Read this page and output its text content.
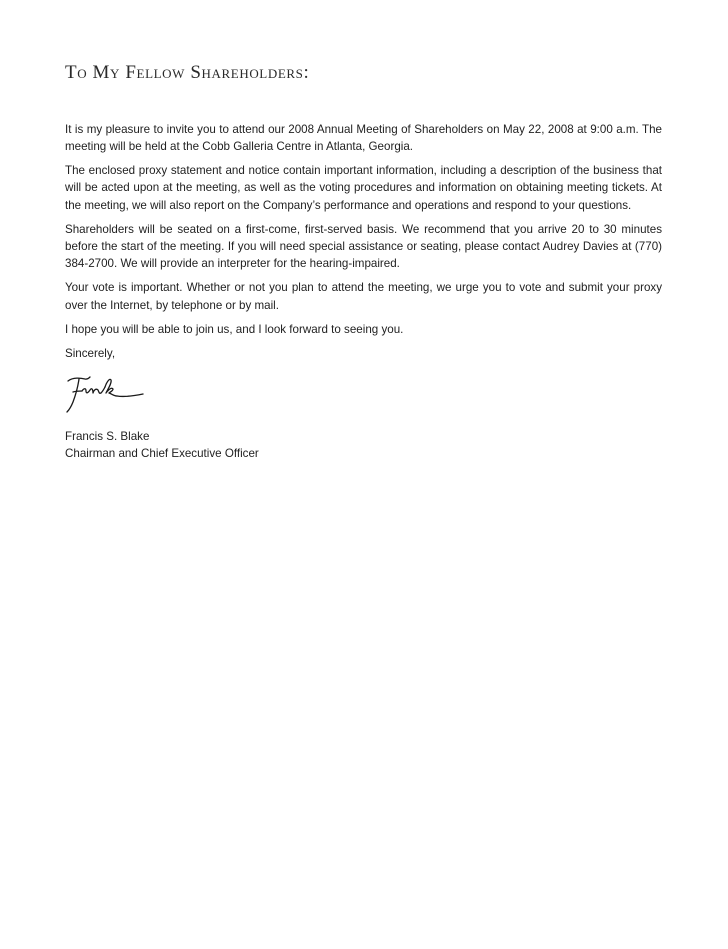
To My Fellow Shareholders:

It is my pleasure to invite you to attend our 2008 Annual Meeting of Shareholders on May 22, 2008 at 9:00 a.m. The meeting will be held at the Cobb Galleria Centre in Atlanta, Georgia.

The enclosed proxy statement and notice contain important information, including a description of the business that will be acted upon at the meeting, as well as the voting procedures and information on obtaining meeting tickets. At the meeting, we will also report on the Company’s performance and operations and respond to your questions.

Shareholders will be seated on a first-come, first-served basis. We recommend that you arrive 20 to 30 minutes before the start of the meeting. If you will need special assistance or seating, please contact Audrey Davies at (770) 384-2700. We will provide an interpreter for the hearing-impaired.

Your vote is important. Whether or not you plan to attend the meeting, we urge you to vote and submit your proxy over the Internet, by telephone or by mail.

I hope you will be able to join us, and I look forward to seeing you.

Sincerely,

Francis S. Blake
Chairman and Chief Executive Officer
